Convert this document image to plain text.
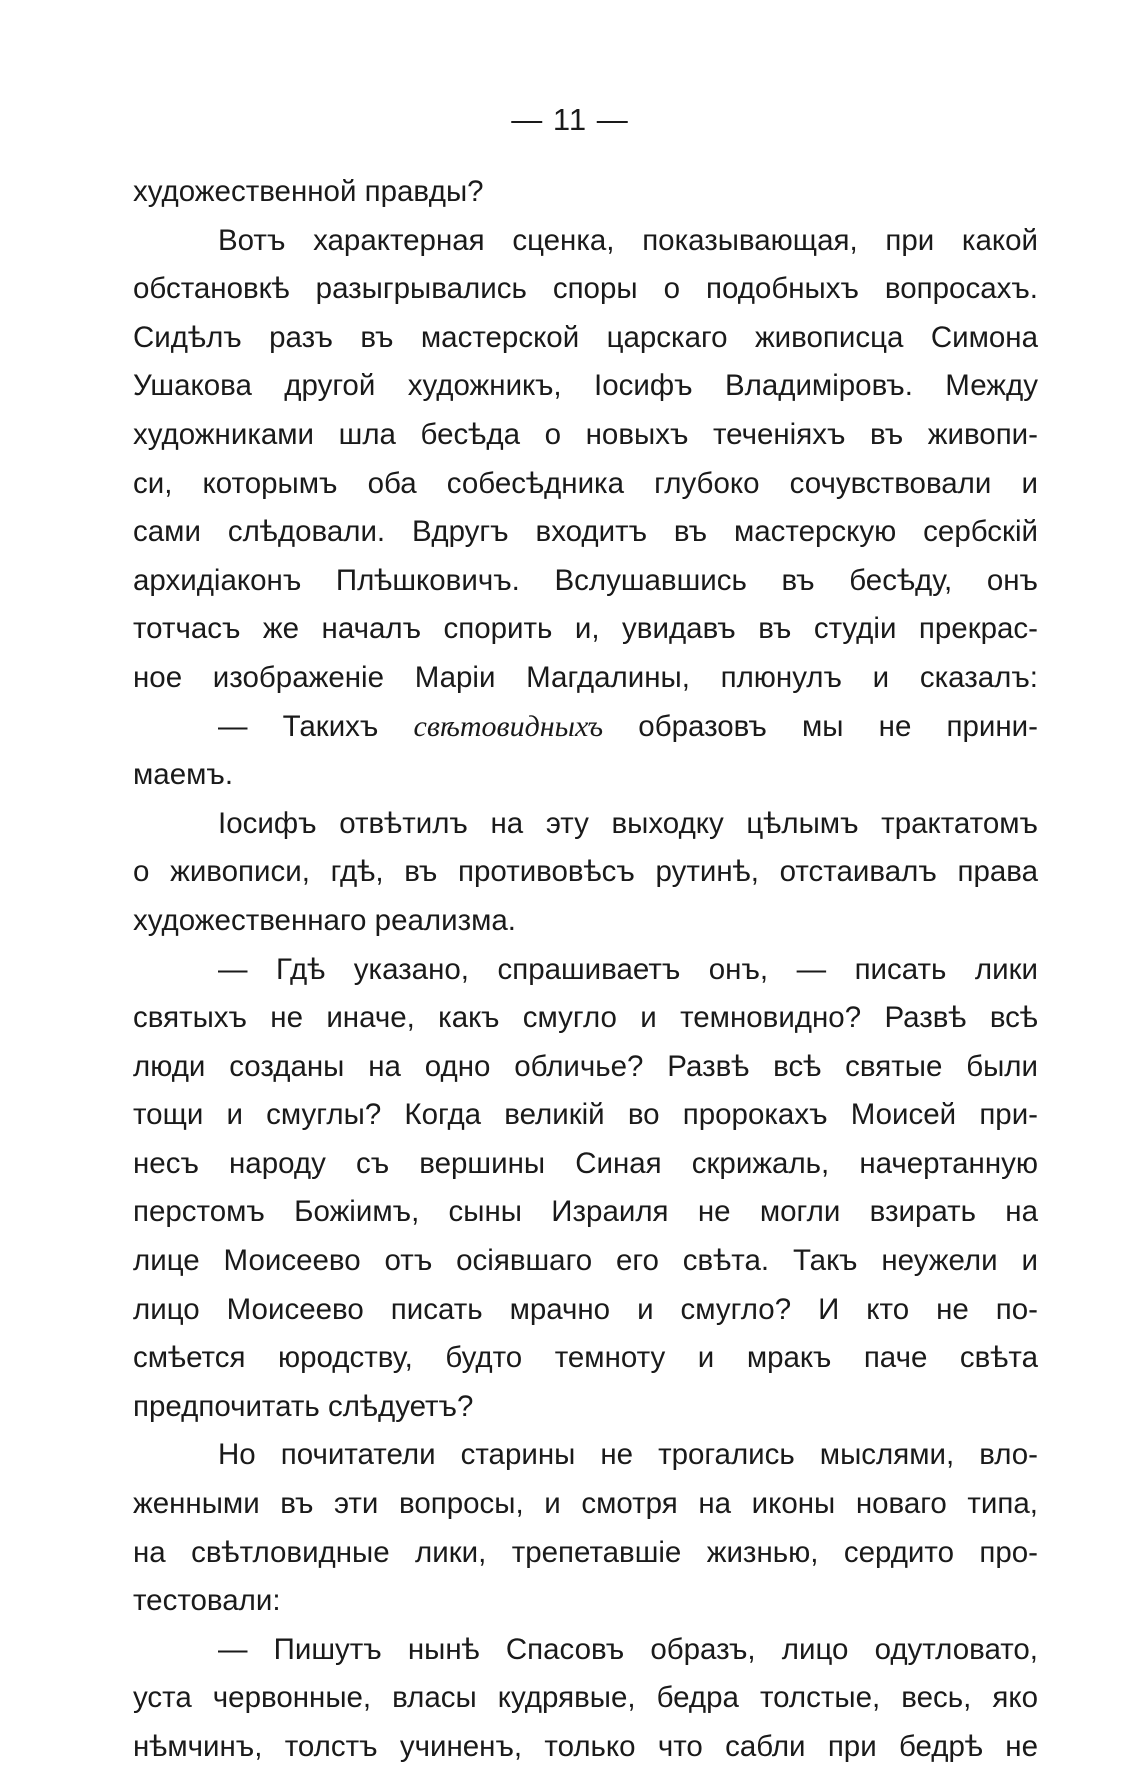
— 11 —
художественной правды?
Вотъ характерная сценка, показывающая, при какой
обстановкѣ разыгрывались споры о подобныхъ вопросахъ.
Сидѣлъ разъ въ мастерской царскаго живописца Симона
Ушакова другой художникъ, Іосифъ Владиміровъ. Между
художниками шла бесѣда о новыхъ теченіяхъ въ живопи-
си, которымъ оба собесѣдника глубоко сочувствовали и
сами слѣдовали. Вдругъ входитъ въ мастерскую сербскій
архидіаконъ Плѣшковичъ. Вслушавшись въ бесѣду, онъ
тотчасъ же началъ спорить и, увидавъ въ студіи прекрас-
ное изображеніе Маріи Магдалины, плюнулъ и сказалъ:
— Такихъ свѣтовидныхъ образовъ мы не прини-
маемъ.
Іосифъ отвѣтилъ на эту выходку цѣлымъ трактатомъ
о живописи, гдѣ, въ противовѣсъ рутинѣ, отстаивалъ права
художественнаго реализма.
— Гдѣ указано, спрашиваетъ онъ, — писать лики
святыхъ не иначе, какъ смугло и темновидно? Развѣ всѣ
люди созданы на одно обличье? Развѣ всѣ святые были
тощи и смуглы? Когда великій во пророкахъ Моисей при-
несъ народу съ вершины Синая скрижаль, начертанную
перстомъ Божіимъ, сыны Израиля не могли взирать на
лице Моисеево отъ осіявшаго его свѣта. Такъ неужели и
лицо Моисеево писать мрачно и смугло? И кто не по-
смѣется юродству, будто темноту и мракъ паче свѣта
предпочитать слѣдуетъ?
Но почитатели старины не трогались мыслями, вло-
женными въ эти вопросы, и смотря на иконы новаго типа,
на свѣтловидные лики, трепетавшіе жизнью, сердито про-
тестовали:
— Пишутъ нынѣ Спасовъ образъ, лицо одутловато,
уста червонные, власы кудрявые, бедра толстые, весь, яко
нѣмчинъ, толстъ учиненъ, только что сабли при бедрѣ не
